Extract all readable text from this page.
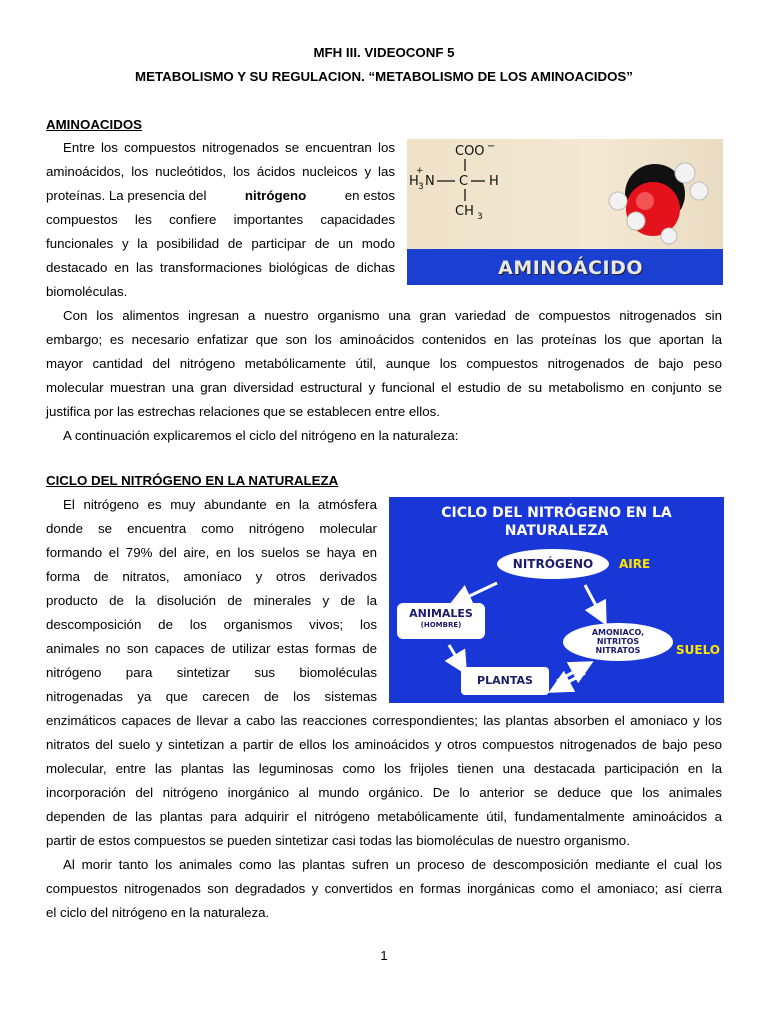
MFH III. VIDEOCONF 5
METABOLISMO Y SU REGULACION. “METABOLISMO DE LOS AMINOACIDOS”
AMINOACIDOS
Entre los compuestos nitrogenados se encuentran los
aminoácidos, los nucleótidos, los ácidos nucleicos y las
proteínas. La presencia del	nitrógeno	en estos
compuestos les confiere importantes capacidades
funcionales y la posibilidad de participar de un modo
destacado en las transformaciones biológicas de dichas
biomoléculas.
Con los alimentos ingresan a nuestro organismo una gran variedad de compuestos nitrogenados sin
embargo; es necesario enfatizar que son los aminoácidos contenidos en las proteínas los que aportan la
mayor cantidad del nitrógeno metabólicamente útil, aunque los compuestos nitrogenados de bajo peso
molecular muestran una gran diversidad estructural y funcional el estudio de su metabolismo en conjunto se
justifica por las estrechas relaciones que se establecen entre ellos.
A continuación explicaremos el ciclo del nitrógeno en la naturaleza:
COO −
H 3 N
+
C H
CH 3
AMINOÁCIDO
CICLO DEL NITRÓGENO EN LA NATURALEZA
El nitrógeno es muy abundante en la atmósfera
donde se encuentra como nitrógeno molecular
formando el 79% del aire, en los suelos se haya en
forma de nitratos, amoníaco y otros derivados
producto de la disolución de minerales y de la
descomposición de los organismos vivos; los
animales no son capaces de utilizar estas formas de
nitrógeno para sintetizar sus biomoléculas
nitrogenadas ya que carecen de los sistemas
enzimáticos capaces de llevar a cabo las reacciones correspondientes; las plantas absorben el amoniaco y los
nitratos del suelo y sintetizan a partir de ellos los aminoácidos y otros compuestos nitrogenados de bajo peso
molecular, entre las plantas las leguminosas como los frijoles tienen una destacada participación en la
incorporación del nitrógeno inorgánico al mundo orgánico. De lo anterior se deduce que los animales
dependen de las plantas para adquirir el nitrógeno metabólicamente útil, fundamentalmente aminoácidos a
partir de estos compuestos se pueden sintetizar casi todas las biomoléculas de nuestro organismo.
Al morir tanto los animales como las plantas sufren un proceso de descomposición mediante el cual los
compuestos nitrogenados son degradados y convertidos en formas inorgánicas como el amoniaco; así cierra
el ciclo del nitrógeno en la naturaleza.
CICLO DEL NITRÓGENO EN LA
NATURALEZA
NITRÓGENO	AIRE
ANIMALES
(HOMBRE)
AMONIACO,
NITRITOS
NITRATOS	SUELO
PLANTAS
1
